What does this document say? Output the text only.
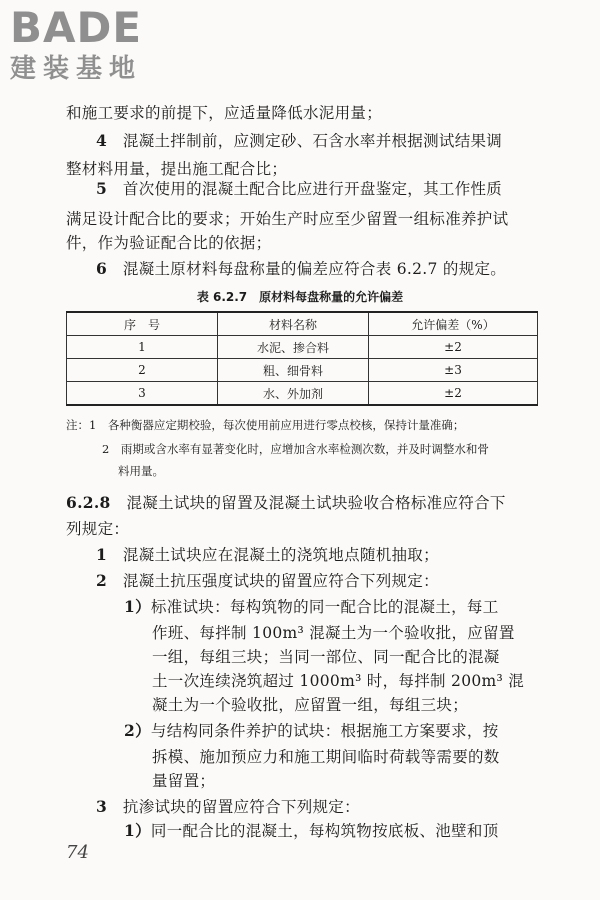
BADE
建装基地
和施工要求的前提下，应适量降低水泥用量；
4　 混凝土拌制前，应测定砂、石含水率并根据测试结果调
整材料用量，提出施工配合比；
5　 首次使用的混凝土配合比应进行开盘鉴定，其工作性质
满足设计配合比的要求；开始生产时应至少留置一组标准养护试
件，作为验证配合比的依据；
6　 混凝土原材料每盘称量的偏差应符合表 6.2.7 的规定。
表 6.2.7　原材料每盘称量的允许偏差
序　号	材料名称	允许偏差（%）
1	水泥、掺合料	±2
2	粗、细骨料	±3
3	水、外加剂	±2
注：1　 各种衡器应定期校验，每次使用前应用进行零点校核，保持计量准确；
2　 雨期或含水率有显著变化时，应增加含水率检测次数，并及时调整水和骨
料用量。
6.2.8　 混凝土试块的留置及混凝土试块验收合格标准应符合下
列规定：
1　 混凝土试块应在混凝土的浇筑地点随机抽取；
2　 混凝土抗压强度试块的留置应符合下列规定：
1）标准试块：每构筑物的同一配合比的混凝土，每工
作班、每拌制 100m³ 混凝土为一个验收批，应留置
一组，每组三块；当同一部位、同一配合比的混凝
土一次连续浇筑超过 1000m³ 时，每拌制 200m³ 混
凝土为一个验收批，应留置一组，每组三块；
2）与结构同条件养护的试块：根据施工方案要求，按
拆模、施加预应力和施工期间临时荷载等需要的数
量留置；
3　 抗渗试块的留置应符合下列规定：
1）同一配合比的混凝土，每构筑物按底板、池壁和顶
74
